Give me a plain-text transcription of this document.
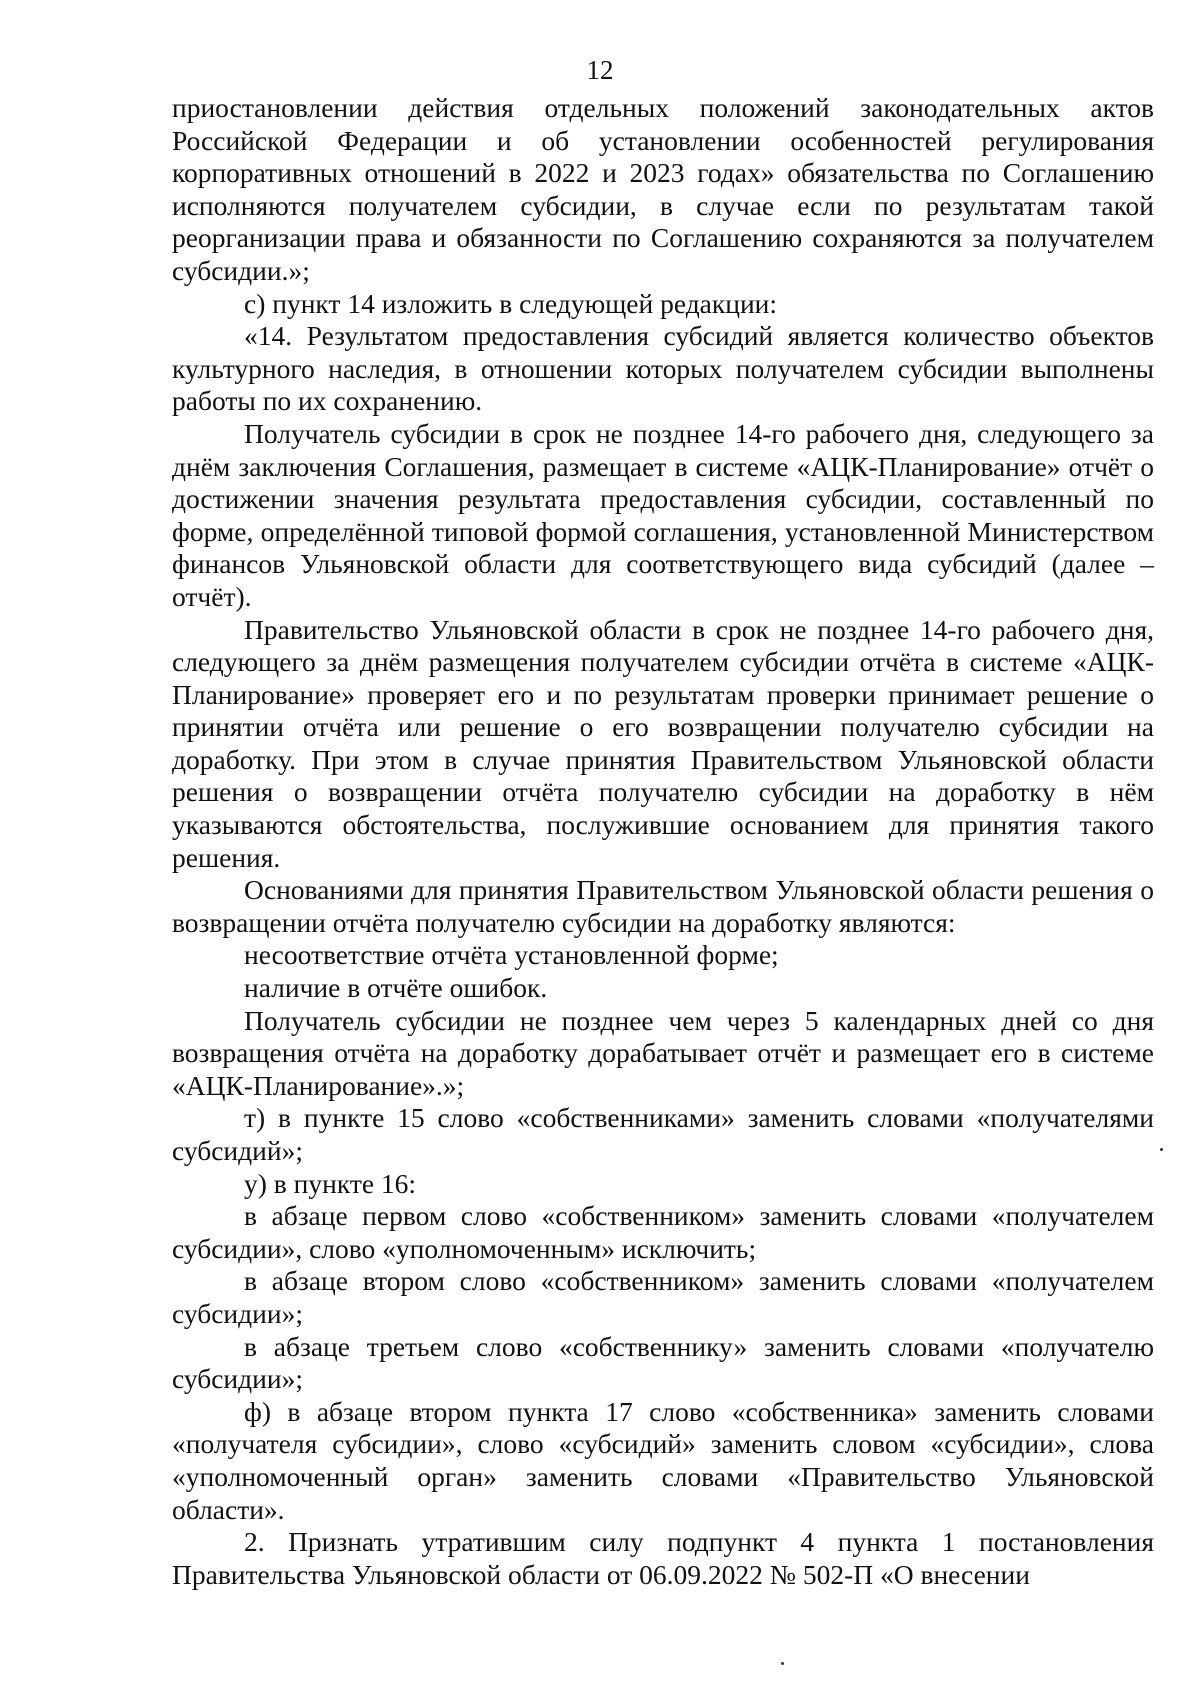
12

приостановлении действия отдельных положений законодательных актов Российской Федерации и об установлении особенностей регулирования корпоративных отношений в 2022 и 2023 годах» обязательства по Соглашению исполняются получателем субсидии, в случае если по результатам такой реорганизации права и обязанности по Соглашению сохраняются за получателем субсидии.»;

с) пункт 14 изложить в следующей редакции:

«14. Результатом предоставления субсидий является количество объектов культурного наследия, в отношении которых получателем субсидии выполнены работы по их сохранению.

Получатель субсидии в срок не позднее 14-го рабочего дня, следующего за днём заключения Соглашения, размещает в системе «АЦК-Планирование» отчёт о достижении значения результата предоставления субсидии, составленный по форме, определённой типовой формой соглашения, установленной Министерством финансов Ульяновской области для соответствующего вида субсидий (далее – отчёт).

Правительство Ульяновской области в срок не позднее 14-го рабочего дня, следующего за днём размещения получателем субсидии отчёта в системе «АЦК-Планирование» проверяет его и по результатам проверки принимает решение о принятии отчёта или решение о его возвращении получателю субсидии на доработку. При этом в случае принятия Правительством Ульяновской области решения о возвращении отчёта получателю субсидии на доработку в нём указываются обстоятельства, послужившие основанием для принятия такого решения.

Основаниями для принятия Правительством Ульяновской области решения о возвращении отчёта получателю субсидии на доработку являются:

несоответствие отчёта установленной форме;

наличие в отчёте ошибок.

Получатель субсидии не позднее чем через 5 календарных дней со дня возвращения отчёта на доработку дорабатывает отчёт и размещает его в системе «АЦК-Планирование».»;

т) в пункте 15 слово «собственниками» заменить словами «получателями субсидий»;

у) в пункте 16:

в абзаце первом слово «собственником» заменить словами «получателем субсидии», слово «уполномоченным» исключить;

в абзаце втором слово «собственником» заменить словами «получателем субсидии»;

в абзаце третьем слово «собственнику» заменить словами «получателю субсидии»;

ф) в абзаце втором пункта 17 слово «собственника» заменить словами «получателя субсидии», слово «субсидий» заменить словом «субсидии», слова «уполномоченный орган» заменить словами «Правительство Ульяновской области».

2. Признать утратившим силу подпункт 4 пункта 1 постановления Правительства Ульяновской области от 06.09.2022 № 502-П «О внесении
